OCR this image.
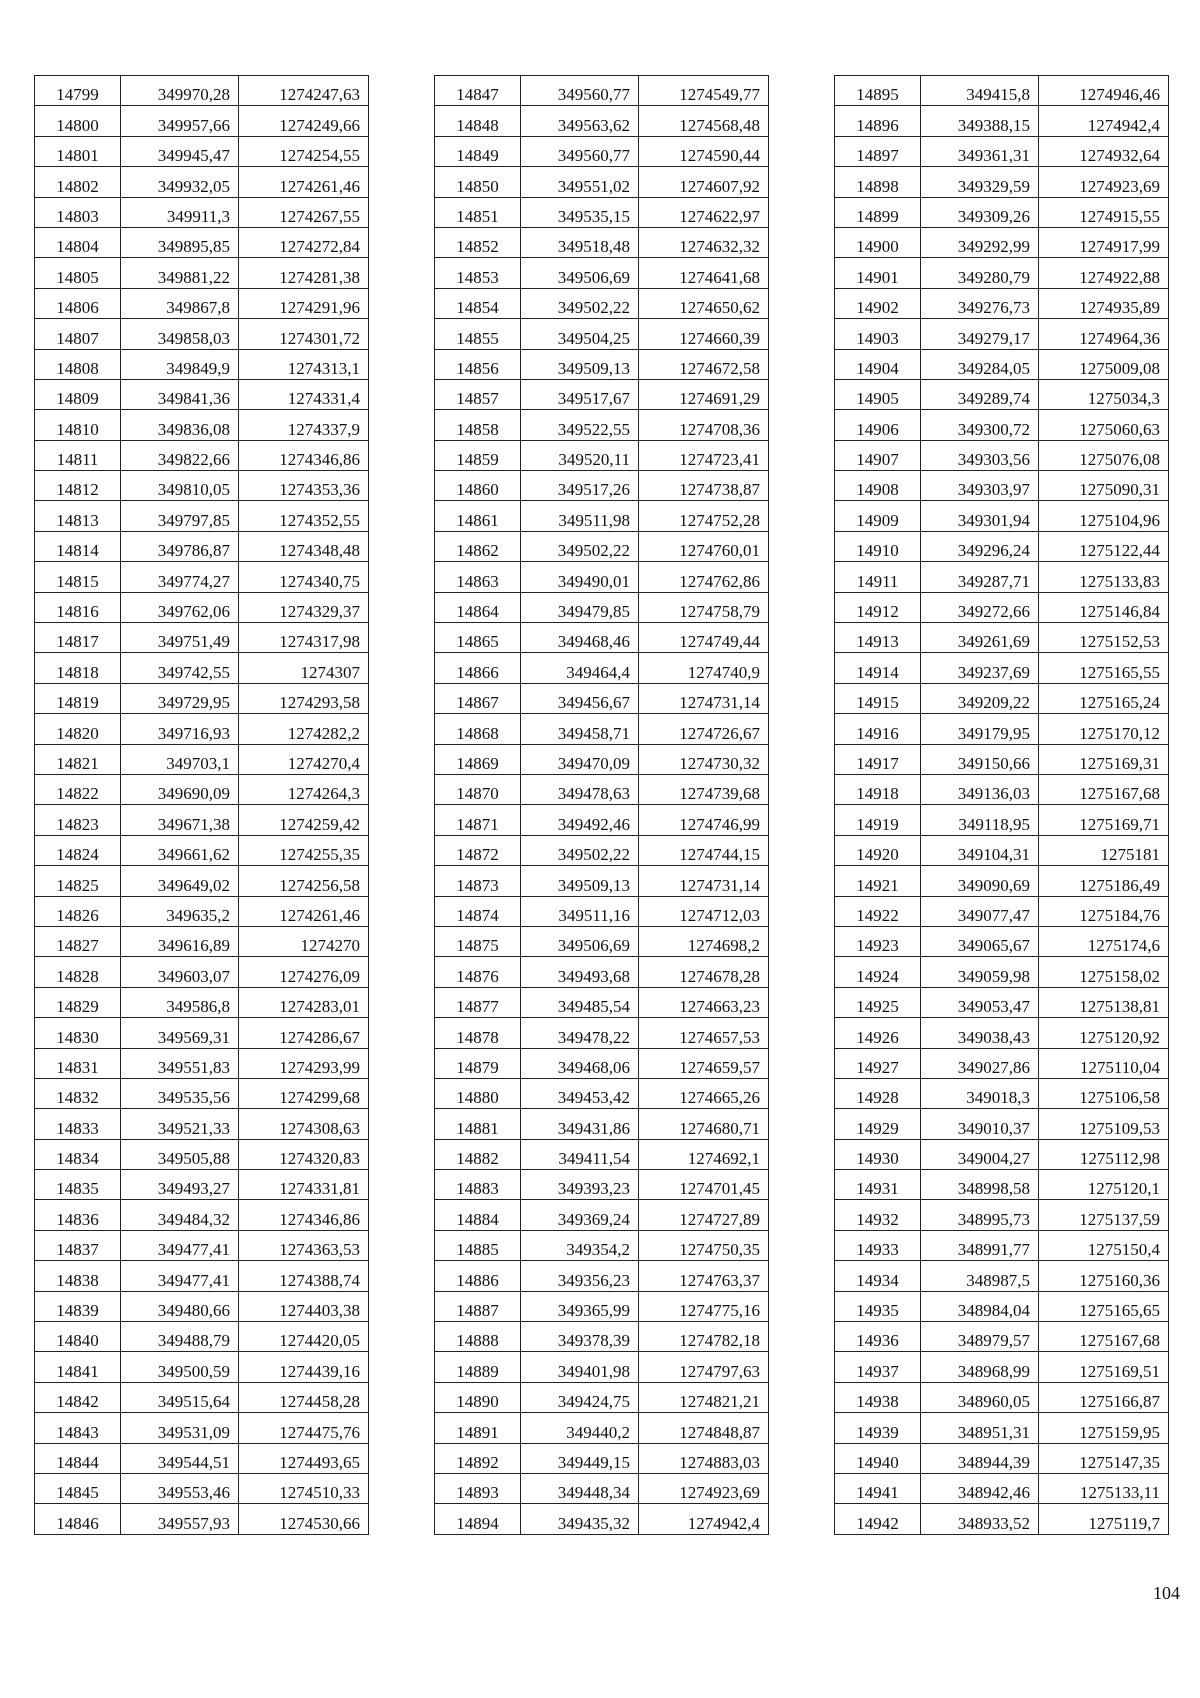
14799	349970,28	1274247,63
14800	349957,66	1274249,66
14801	349945,47	1274254,55
14802	349932,05	1274261,46
14803	349911,3	1274267,55
14804	349895,85	1274272,84
14805	349881,22	1274281,38
14806	349867,8	1274291,96
14807	349858,03	1274301,72
14808	349849,9	1274313,1
14809	349841,36	1274331,4
14810	349836,08	1274337,9
14811	349822,66	1274346,86
14812	349810,05	1274353,36
14813	349797,85	1274352,55
14814	349786,87	1274348,48
14815	349774,27	1274340,75
14816	349762,06	1274329,37
14817	349751,49	1274317,98
14818	349742,55	1274307
14819	349729,95	1274293,58
14820	349716,93	1274282,2
14821	349703,1	1274270,4
14822	349690,09	1274264,3
14823	349671,38	1274259,42
14824	349661,62	1274255,35
14825	349649,02	1274256,58
14826	349635,2	1274261,46
14827	349616,89	1274270
14828	349603,07	1274276,09
14829	349586,8	1274283,01
14830	349569,31	1274286,67
14831	349551,83	1274293,99
14832	349535,56	1274299,68
14833	349521,33	1274308,63
14834	349505,88	1274320,83
14835	349493,27	1274331,81
14836	349484,32	1274346,86
14837	349477,41	1274363,53
14838	349477,41	1274388,74
14839	349480,66	1274403,38
14840	349488,79	1274420,05
14841	349500,59	1274439,16
14842	349515,64	1274458,28
14843	349531,09	1274475,76
14844	349544,51	1274493,65
14845	349553,46	1274510,33
14846	349557,93	1274530,66
14847	349560,77	1274549,77
14848	349563,62	1274568,48
14849	349560,77	1274590,44
14850	349551,02	1274607,92
14851	349535,15	1274622,97
14852	349518,48	1274632,32
14853	349506,69	1274641,68
14854	349502,22	1274650,62
14855	349504,25	1274660,39
14856	349509,13	1274672,58
14857	349517,67	1274691,29
14858	349522,55	1274708,36
14859	349520,11	1274723,41
14860	349517,26	1274738,87
14861	349511,98	1274752,28
14862	349502,22	1274760,01
14863	349490,01	1274762,86
14864	349479,85	1274758,79
14865	349468,46	1274749,44
14866	349464,4	1274740,9
14867	349456,67	1274731,14
14868	349458,71	1274726,67
14869	349470,09	1274730,32
14870	349478,63	1274739,68
14871	349492,46	1274746,99
14872	349502,22	1274744,15
14873	349509,13	1274731,14
14874	349511,16	1274712,03
14875	349506,69	1274698,2
14876	349493,68	1274678,28
14877	349485,54	1274663,23
14878	349478,22	1274657,53
14879	349468,06	1274659,57
14880	349453,42	1274665,26
14881	349431,86	1274680,71
14882	349411,54	1274692,1
14883	349393,23	1274701,45
14884	349369,24	1274727,89
14885	349354,2	1274750,35
14886	349356,23	1274763,37
14887	349365,99	1274775,16
14888	349378,39	1274782,18
14889	349401,98	1274797,63
14890	349424,75	1274821,21
14891	349440,2	1274848,87
14892	349449,15	1274883,03
14893	349448,34	1274923,69
14894	349435,32	1274942,4
14895	349415,8	1274946,46
14896	349388,15	1274942,4
14897	349361,31	1274932,64
14898	349329,59	1274923,69
14899	349309,26	1274915,55
14900	349292,99	1274917,99
14901	349280,79	1274922,88
14902	349276,73	1274935,89
14903	349279,17	1274964,36
14904	349284,05	1275009,08
14905	349289,74	1275034,3
14906	349300,72	1275060,63
14907	349303,56	1275076,08
14908	349303,97	1275090,31
14909	349301,94	1275104,96
14910	349296,24	1275122,44
14911	349287,71	1275133,83
14912	349272,66	1275146,84
14913	349261,69	1275152,53
14914	349237,69	1275165,55
14915	349209,22	1275165,24
14916	349179,95	1275170,12
14917	349150,66	1275169,31
14918	349136,03	1275167,68
14919	349118,95	1275169,71
14920	349104,31	1275181
14921	349090,69	1275186,49
14922	349077,47	1275184,76
14923	349065,67	1275174,6
14924	349059,98	1275158,02
14925	349053,47	1275138,81
14926	349038,43	1275120,92
14927	349027,86	1275110,04
14928	349018,3	1275106,58
14929	349010,37	1275109,53
14930	349004,27	1275112,98
14931	348998,58	1275120,1
14932	348995,73	1275137,59
14933	348991,77	1275150,4
14934	348987,5	1275160,36
14935	348984,04	1275165,65
14936	348979,57	1275167,68
14937	348968,99	1275169,51
14938	348960,05	1275166,87
14939	348951,31	1275159,95
14940	348944,39	1275147,35
14941	348942,46	1275133,11
14942	348933,52	1275119,7
104
